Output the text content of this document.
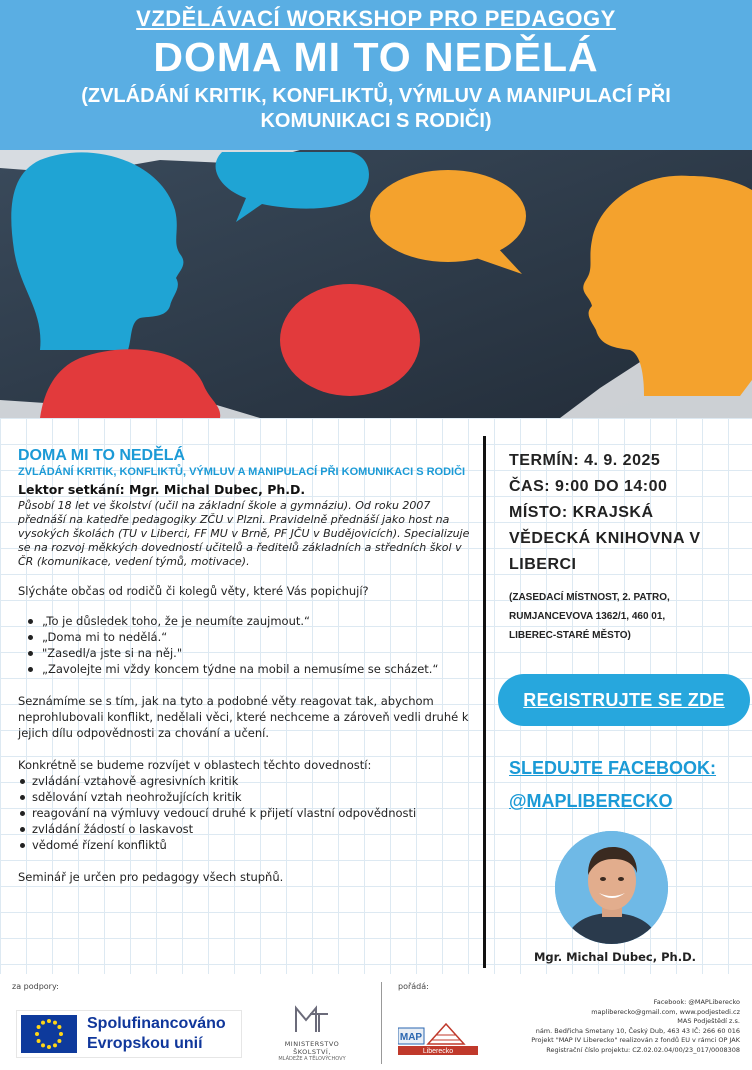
VZDĚLÁVACÍ WORKSHOP PRO PEDAGOGY
DOMA MI TO NEDĚLÁ
(ZVLÁDÁNÍ KRITIK, KONFLIKTŮ, VÝMLUV A MANIPULACÍ PŘI KOMUNIKACI S RODIČI)
DOMA MI TO NEDĚLÁ
ZVLÁDÁNÍ KRITIK, KONFLIKTŮ, VÝMLUV A MANIPULACÍ PŘI KOMUNIKACI S RODIČI
Lektor setkání: Mgr. Michal Dubec, Ph.D.
Působí 18 let ve školství (učil na základní škole a gymnáziu). Od roku 2007 přednáší na katedře pedagogiky ZČU v Plzni. Pravidelně přednáší jako host na vysokých školách (TU v Liberci, FF MU v Brně, PF JČU v Budějovicích). Specializuje se na rozvoj měkkých dovedností učitelů a ředitelů základních a středních škol v ČR (komunikace, vedení týmů, motivace).

Slýcháte občas od rodičů či kolegů věty, které Vás popichují?

„To je důsledek toho, že je neumíte zaujmout.“
„Doma mi to nedělá.“
"Zasedl/a jste si na něj."
„Zavolejte mi vždy koncem týdne na mobil a nemusíme se scházet.“

Seznámíme se s tím, jak na tyto a podobné věty reagovat tak, abychom neprohlubovali konflikt, nedělali věci, které nechceme a zároveň vedli druhé k jejich dílu odpovědnosti za chování a učení.

Konkrétně se budeme rozvíjet v oblastech těchto dovedností:

zvládání vztahově agresivních kritik
sdělování vztah neohrožujících kritik
reagování na výmluvy vedoucí druhé k přijetí vlastní odpovědnosti
zvládání žádostí o laskavost
vědomé řízení konfliktů

Seminář je určen pro pedagogy všech stupňů.

TERMÍN: 4. 9. 2025
ČAS: 9:00 DO 14:00
MÍSTO: KRAJSKÁ
VĚDECKÁ KNIHOVNA V
LIBERCI
(ZASEDACÍ MÍSTNOST, 2. PATRO,
RUMJANCEVOVA 1362/1, 460 01,
LIBEREC-STARÉ MĚSTO)
REGISTRUJTE SE ZDE
SLEDUJTE FACEBOOK:
@MAPLIBERECKO
Mgr. Michal Dubec, Ph.D.
za podpory:	pořádá:
Spolufinancováno
Evropskou unií	MINISTERSTVO ŠKOLSTVÍ,
MLÁDEŽE A TĚLOVÝCHOVY
MAP
Liberecko
Facebook: @MAPLiberecko
mapliberecko@gmail.com, www.podjestedi.cz
MAS Podještědí z.s.
nám. Bedřicha Smetany 10, Český Dub, 463 43 IČ: 266 60 016
Projekt "MAP IV Liberecko" realizován z fondů EU v rámci OP JAK
Registrační číslo projektu: CZ.02.02.04/00/23_017/0008308
